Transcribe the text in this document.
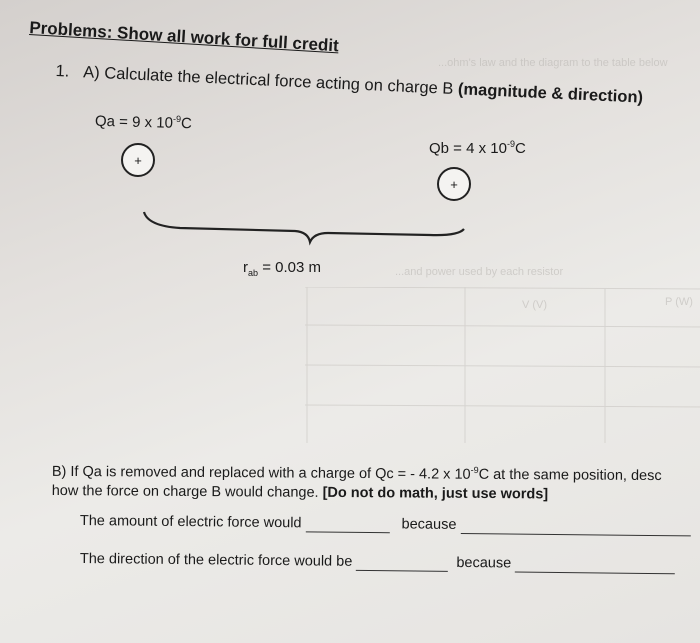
...ohm's law and the diagram to the table below
...and power used by each resistor
V (V)	P (W)
Problems: Show all work for full credit
1. A) Calculate the electrical force acting on charge B (magnitude & direction)
Qa = 9 x $10^{-9}C$
+
Qb = 4 x $10^{-9}C$
+
$r_{ab} = 0.03$ m
B) If Qa is removed and replaced with a charge of Qc = - 4.2 x $10^{-9}C$ at the same position, desc
how the force on charge B would change. [Do not do math, just use words]
The amount of electric force would	because
The direction of the electric force would be	because
